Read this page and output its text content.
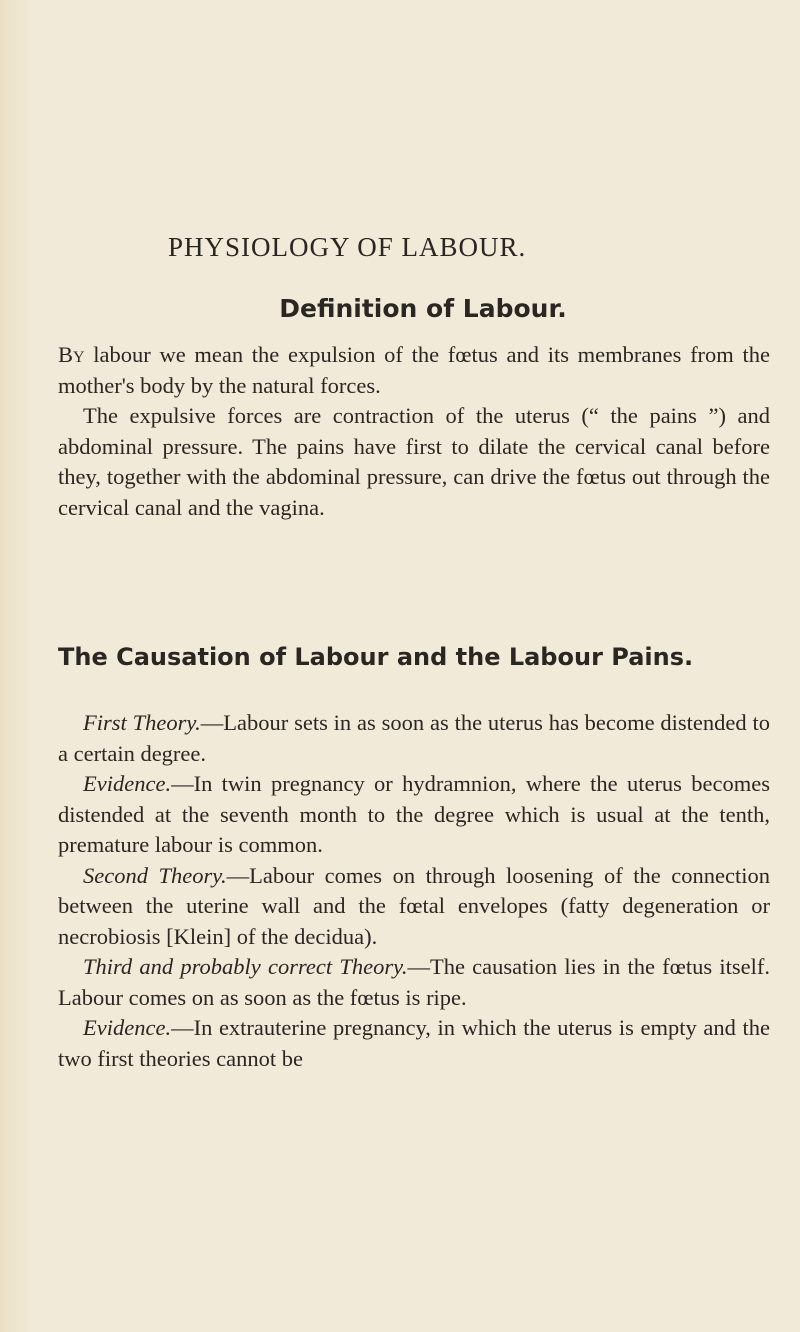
PHYSIOLOGY OF LABOUR.
Definition of Labour.

By labour we mean the expulsion of the fœtus and its membranes from the mother's body by the natural forces.

The expulsive forces are contraction of the uterus (“ the pains ”) and abdominal pressure. The pains have first to dilate the cervical canal before they, together with the abdominal pressure, can drive the fœtus out through the cervical canal and the vagina.

The Causation of Labour and the Labour Pains.

First Theory.—Labour sets in as soon as the uterus has become distended to a certain degree.

Evidence.—In twin pregnancy or hydramnion, where the uterus becomes distended at the seventh month to the degree which is usual at the tenth, premature labour is common.

Second Theory.—Labour comes on through loosening of the connection between the uterine wall and the fœtal envelopes (fatty degeneration or necrobiosis [Klein] of the decidua).

Third and probably correct Theory.—The causation lies in the fœtus itself. Labour comes on as soon as the fœtus is ripe.

Evidence.—In extrauterine pregnancy, in which the uterus is empty and the two first theories cannot be
